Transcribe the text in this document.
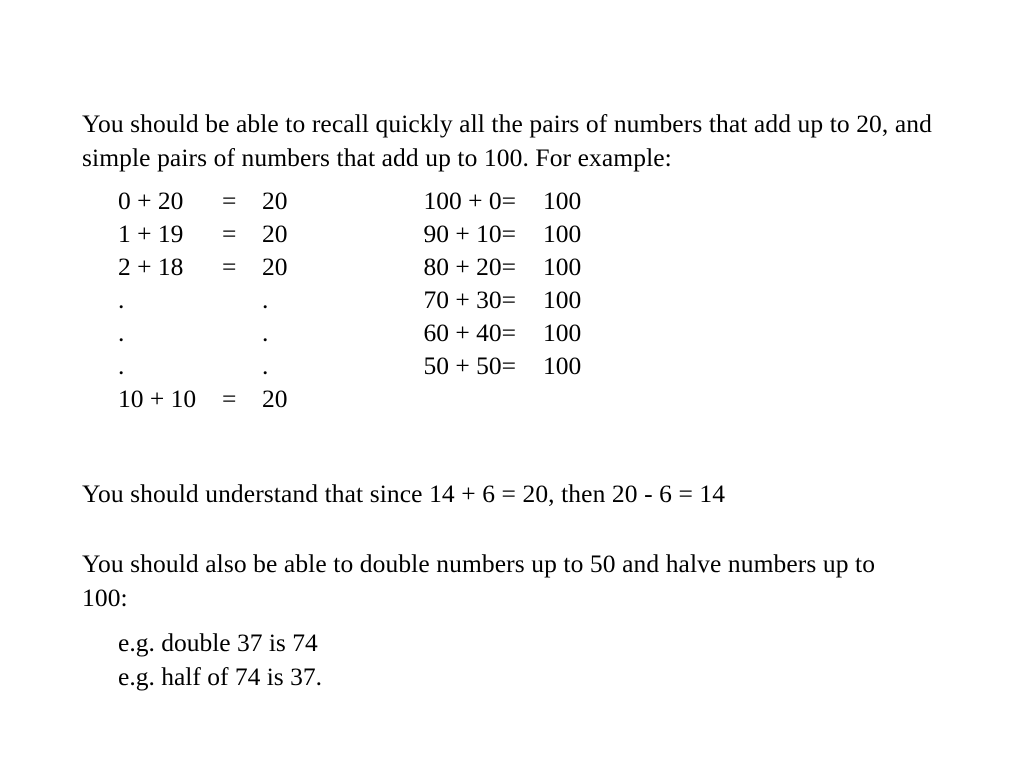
You should be able to recall quickly all the pairs of numbers that add up to 20, and simple pairs of numbers that add up to 100. For example:

0 + 20 = 20	100 + 0= 100
1 + 19 = 20	90 + 10= 100
2 + 18 = 20	80 + 20= 100
.	.	70 + 30= 100
.	.	60 + 40= 100
.	.	50 + 50= 100
10 + 10 = 20

You should understand that since 14 + 6 = 20, then 20 - 6 = 14

You should also be able to double numbers up to 50 and halve numbers up to 100:

e.g. double 37 is 74
e.g. half of 74 is 37.
